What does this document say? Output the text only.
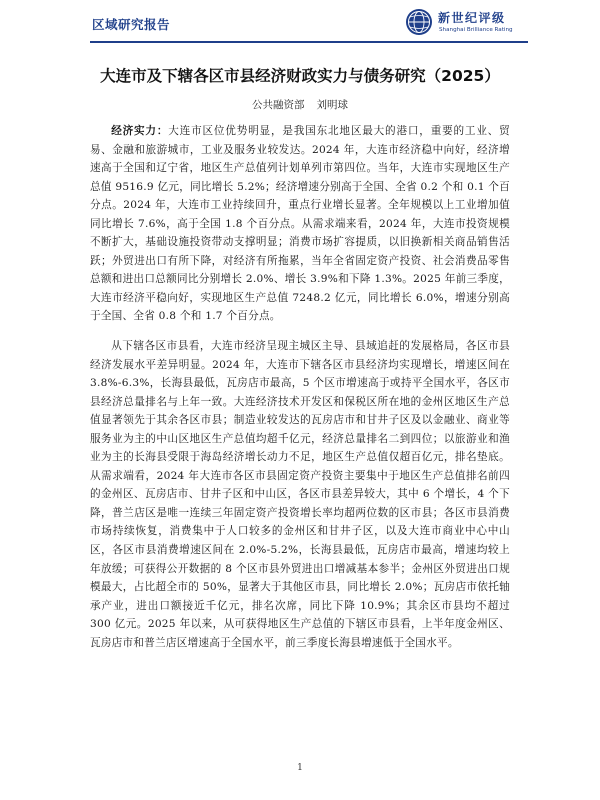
区域研究报告	新世纪评级
Shanghai Brilliance Rating
大连市及下辖各区市县经济财政实力与债务研究（2025）
公共融资部 刘明球

经济实力：大连市区位优势明显，是我国东北地区最大的港口，重要的工业、贸易、金融和旅游城市，工业及服务业较发达。2024 年，大连市经济稳中向好，经济增速高于全国和辽宁省，地区生产总值列计划单列市第四位。当年，大连市实现地区生产总值 9516.9 亿元，同比增长 5.2%；经济增速分别高于全国、全省 0.2 个和 0.1 个百分点。2024 年，大连市工业持续回升，重点行业增长显著。全年规模以上工业增加值同比增长 7.6%，高于全国 1.8 个百分点。从需求端来看，2024 年，大连市投资规模不断扩大，基础设施投资带动支撑明显；消费市场扩容提质，以旧换新相关商品销售活跃；外贸进出口有所下降，对经济有所拖累，当年全省固定资产投资、社会消费品零售总额和进出口总额同比分别增长 2.0%、增长 3.9%和下降 1.3%。2025 年前三季度，大连市经济平稳向好，实现地区生产总值 7248.2 亿元，同比增长 6.0%，增速分别高于全国、全省 0.8 个和 1.7 个百分点。

从下辖各区市县看，大连市经济呈现主城区主导、县域追赶的发展格局，各区市县经济发展水平差异明显。2024 年，大连市下辖各区市县经济均实现增长，增速区间在 3.8%-6.3%，长海县最低，瓦房店市最高，5 个区市增速高于或持平全国水平，各区市县经济总量排名与上年一致。大连经济技术开发区和保税区所在地的金州区地区生产总值显著领先于其余各区市县；制造业较发达的瓦房店市和甘井子区及以金融业、商业等服务业为主的中山区地区生产总值均超千亿元，经济总量排名二到四位；以旅游业和渔业为主的长海县受限于海岛经济增长动力不足，地区生产总值仅超百亿元，排名垫底。从需求端看，2024 年大连市各区市县固定资产投资主要集中于地区生产总值排名前四的金州区、瓦房店市、甘井子区和中山区，各区市县差异较大，其中 6 个增长，4 个下降，普兰店区是唯一连续三年固定资产投资增长率均超两位数的区市县；各区市县消费市场持续恢复，消费集中于人口较多的金州区和甘井子区，以及大连市商业中心中山区，各区市县消费增速区间在 2.0%-5.2%，长海县最低，瓦房店市最高，增速均较上年放缓；可获得公开数据的 8 个区市县外贸进出口增减基本参半；金州区外贸进出口规模最大，占比超全市的 50%，显著大于其他区市县，同比增长 2.0%；瓦房店市依托轴承产业，进出口额接近千亿元，排名次席，同比下降 10.9%；其余区市县均不超过 300 亿元。2025 年以来，从可获得地区生产总值的下辖区市县看，上半年度金州区、瓦房店市和普兰店区增速高于全国水平，前三季度长海县增速低于全国水平。

1
